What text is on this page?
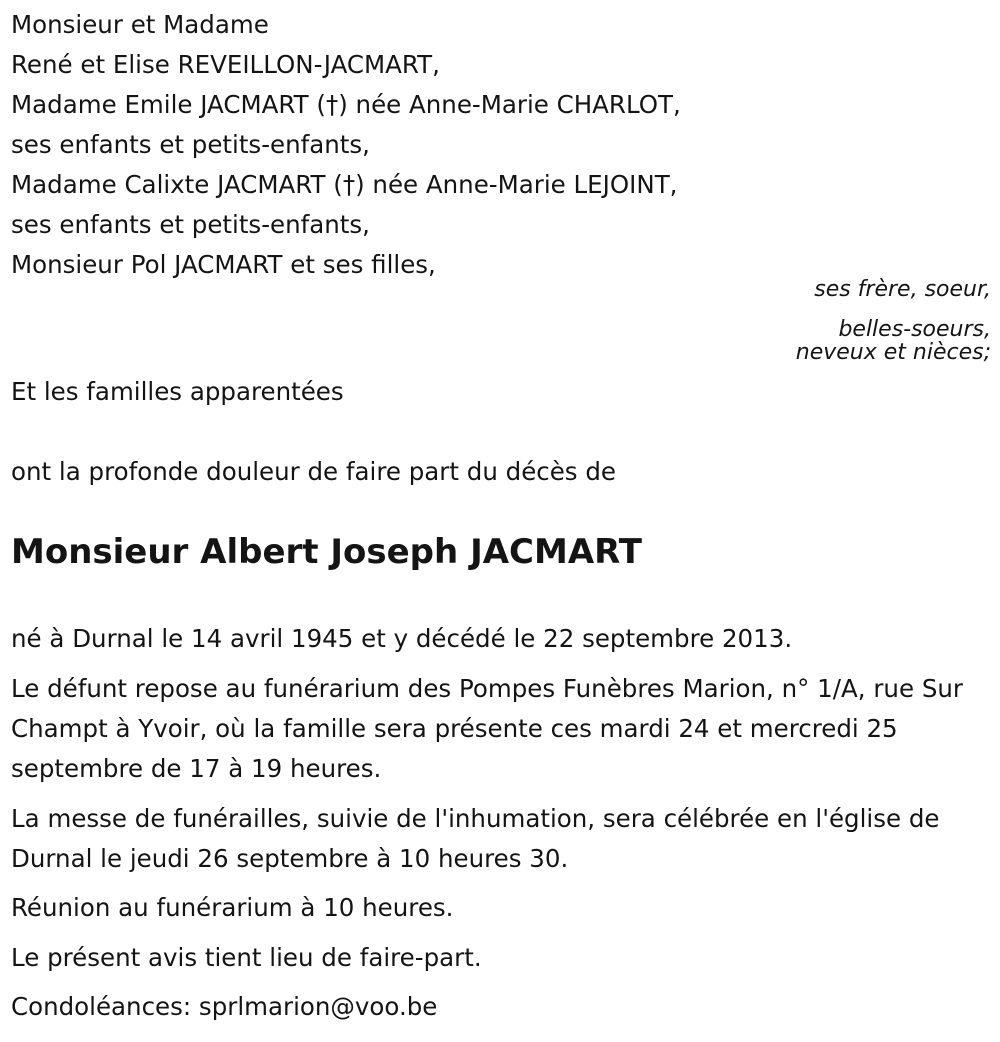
Monsieur et Madame
René et Elise REVEILLON-JACMART,
Madame Emile JACMART (†) née Anne-Marie CHARLOT,
ses enfants et petits-enfants,
Madame Calixte JACMART (†) née Anne-Marie LEJOINT,
ses enfants et petits-enfants,
Monsieur Pol JACMART et ses filles,
ses frère, soeur,
belles-soeurs,
neveux et nièces;
Et les familles apparentées
ont la profonde douleur de faire part du décès de
Monsieur Albert Joseph JACMART
né à Durnal le 14 avril 1945 et y décédé le 22 septembre 2013.
Le défunt repose au funérarium des Pompes Funèbres Marion, n° 1/A, rue Sur Champt à Yvoir, où la famille sera présente ces mardi 24 et mercredi 25 septembre de 17 à 19 heures.
La messe de funérailles, suivie de l'inhumation, sera célébrée en l'église de Durnal le jeudi 26 septembre à 10 heures 30.
Réunion au funérarium à 10 heures.
Le présent avis tient lieu de faire-part.
Condoléances: sprlmarion@voo.be
